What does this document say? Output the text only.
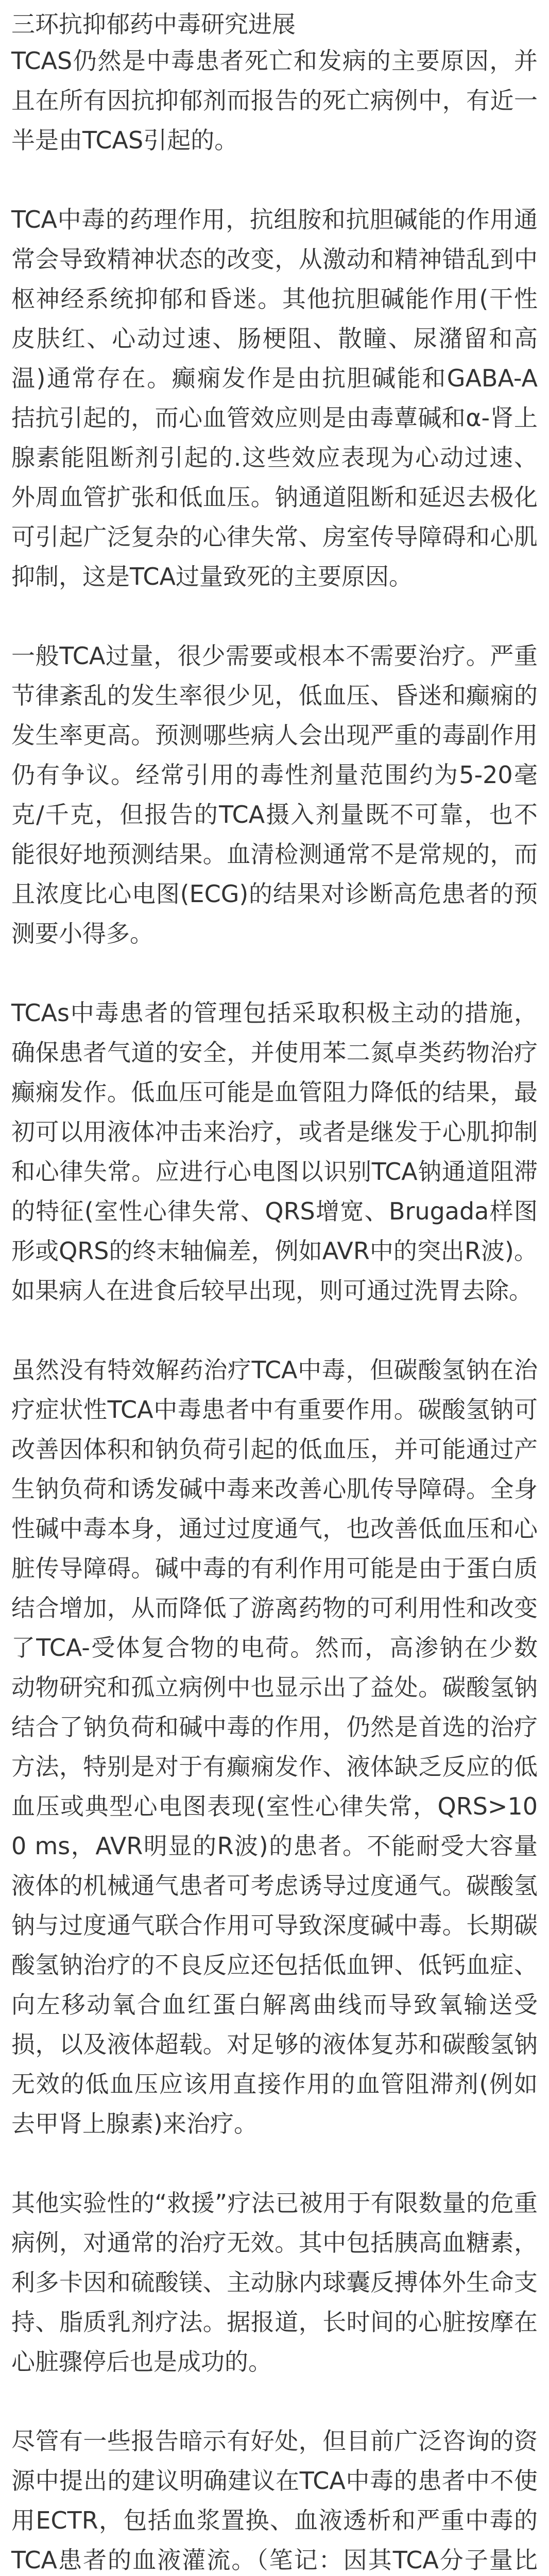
三环抗抑郁药中毒研究进展

TCAS仍然是中毒患者死亡和发病的主要原因，并且在所有因抗抑郁剂而报告的死亡病例中，有近一半是由TCAS引起的。

TCA中毒的药理作用，抗组胺和抗胆碱能的作用通常会导致精神状态的改变，从激动和精神错乱到中枢神经系统抑郁和昏迷。其他抗胆碱能作用(干性皮肤红、心动过速、肠梗阻、散瞳、尿潴留和高温)通常存在。癫痫发作是由抗胆碱能和GABA-A拮抗引起的，而心血管效应则是由毒蕈碱和α-肾上腺素能阻断剂引起的.这些效应表现为心动过速、外周血管扩张和低血压。钠通道阻断和延迟去极化可引起广泛复杂的心律失常、房室传导障碍和心肌抑制，这是TCA过量致死的主要原因。

一般TCA过量，很少需要或根本不需要治疗。严重节律紊乱的发生率很少见，低血压、昏迷和癫痫的发生率更高。预测哪些病人会出现严重的毒副作用仍有争议。经常引用的毒性剂量范围约为5-20毫克/千克，但报告的TCA摄入剂量既不可靠，也不能很好地预测结果。血清检测通常不是常规的，而且浓度比心电图(ECG)的结果对诊断高危患者的预测要小得多。

TCAs中毒患者的管理包括采取积极主动的措施，确保患者气道的安全，并使用苯二氮卓类药物治疗癫痫发作。低血压可能是血管阻力降低的结果，最初可以用液体冲击来治疗，或者是继发于心肌抑制和心律失常。应进行心电图以识别TCA钠通道阻滞的特征(室性心律失常、QRS增宽、Brugada样图形或QRS的终末轴偏差，例如AVR中的突出R波)。如果病人在进食后较早出现，则可通过洗胃去除。

虽然没有特效解药治疗TCA中毒，但碳酸氢钠在治疗症状性TCA中毒患者中有重要作用。碳酸氢钠可改善因体积和钠负荷引起的低血压，并可能通过产生钠负荷和诱发碱中毒来改善心肌传导障碍。全身性碱中毒本身，通过过度通气，也改善低血压和心脏传导障碍。碱中毒的有利作用可能是由于蛋白质结合增加，从而降低了游离药物的可利用性和改变了TCA-受体复合物的电荷。然而，高渗钠在少数动物研究和孤立病例中也显示出了益处。碳酸氢钠结合了钠负荷和碱中毒的作用，仍然是首选的治疗方法，特别是对于有癫痫发作、液体缺乏反应的低血压或典型心电图表现(室性心律失常，QRS>100 ms，AVR明显的R波)的患者。不能耐受大容量液体的机械通气患者可考虑诱导过度通气。碳酸氢钠与过度通气联合作用可导致深度碱中毒。长期碳酸氢钠治疗的不良反应还包括低血钾、低钙血症、向左移动氧合血红蛋白解离曲线而导致氧输送受损，以及液体超载。对足够的液体复苏和碳酸氢钠无效的低血压应该用直接作用的血管阻滞剂(例如去甲肾上腺素)来治疗。

其他实验性的“救援”疗法已被用于有限数量的危重病例，对通常的治疗无效。其中包括胰高血糖素，利多卡因和硫酸镁、主动脉内球囊反搏体外生命支持、脂质乳剂疗法。据报道，长时间的心脏按摩在心脏骤停后也是成功的。

尽管有一些报告暗示有好处，但目前广泛咨询的资源中提出的建议明确建议在TCA中毒的患者中不使用ECTR，包括血浆置换、血液透析和严重中毒的TCA患者的血液灌流。（笔记：因其TCA分子量比
